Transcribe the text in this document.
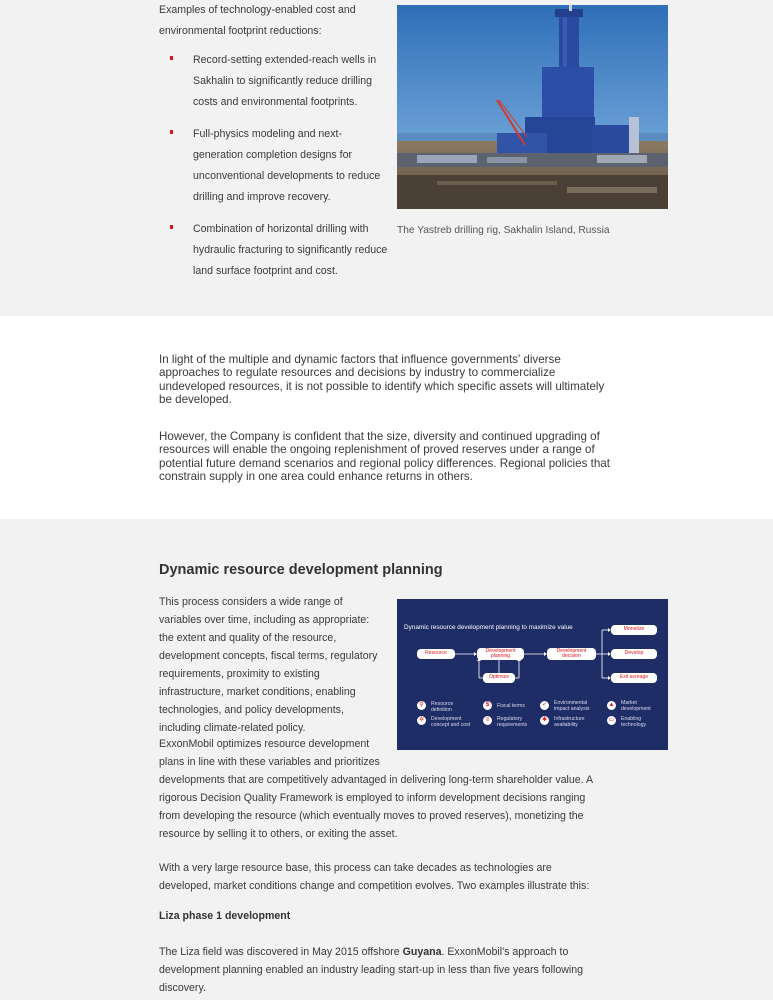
Examples of technology-enabled cost and environmental footprint reductions:

Record-setting extended-reach wells in Sakhalin to significantly reduce drilling costs and environmental footprints.
Full-physics modeling and next-generation completion designs for unconventional developments to reduce drilling and improve recovery.
Combination of horizontal drilling with hydraulic fracturing to significantly reduce land surface footprint and cost.

The Yastreb drilling rig, Sakhalin Island, Russia

In light of the multiple and dynamic factors that influence governments' diverse approaches to regulate resources and decisions by industry to commercialize undeveloped resources, it is not possible to identify which specific assets will ultimately be developed.

However, the Company is confident that the size, diversity and continued upgrading of resources will enable the ongoing replenishment of proved reserves under a range of potential future demand scenarios and regional policy differences. Regional policies that constrain supply in one area could enhance returns in others.

Dynamic resource development planning

This process considers a wide range of variables over time, including as appropriate: the extent and quality of the resource, development concepts, fiscal terms, regulatory requirements, proximity to existing infrastructure, market conditions, enabling technologies, and policy developments, including climate-related policy.

ExxonMobil optimizes resource development plans in line with these variables and prioritizes

developments that are competitively advantaged in delivering long-term shareholder value. A rigorous Decision Quality Framework is employed to inform development decisions ranging from developing the resource (which eventually moves to proved reserves), monetizing the resource by selling it to others, or exiting the asset.

With a very large resource base, this process can take decades as technologies are developed, market conditions change and competition evolves. Two examples illustrate this:

Liza phase 1 development

The Liza field was discovered in May 2015 offshore Guyana. ExxonMobil's approach to development planning enabled an industry leading start-up in less than five years following discovery.

Dynamic resource development planning to maximize value
Resource	Development planning
Development decision
Optimize
Monetize
Develop
Exit acreage
⚲	Resource definition
✲	Development concept and cost
$	Fiscal terms
≡	Regulatory requirements
✓	Environmental impact analysis
✱	Infrastructure availability
▲ Market development
▭	Enabling technology
